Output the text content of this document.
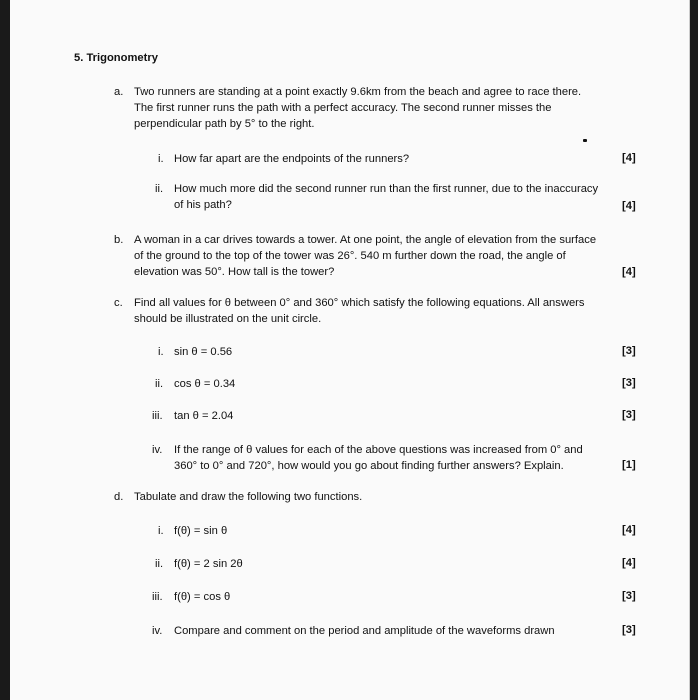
5. Trigonometry
a. Two runners are standing at a point exactly 9.6km from the beach and agree to race there.
The first runner runs the path with a perfect accuracy. The second runner misses the
perpendicular path by 5° to the right.
i. How far apart are the endpoints of the runners?	[4]
ii. How much more did the second runner run than the first runner, due to the inaccuracy
of his path?	[4]
b. A woman in a car drives towards a tower. At one point, the angle of elevation from the surface
of the ground to the top of the tower was 26°. 540 m further down the road, the angle of
elevation was 50°. How tall is the tower?	[4]
c. Find all values for θ between 0° and 360° which satisfy the following equations. All answers
should be illustrated on the unit circle.
i. sin θ = 0.56	[3]
ii. cos θ = 0.34	[3]
iii. tan θ = 2.04	[3]
iv. If the range of θ values for each of the above questions was increased from 0° and
360° to 0° and 720°, how would you go about finding further answers? Explain.	[1]
d. Tabulate and draw the following two functions.
i. f(θ) = sin θ	[4]
ii. f(θ) = 2 sin 2θ	[4]
iii. f(θ) = cos θ	[3]
iv. Compare and comment on the period and amplitude of the waveforms drawn	[3]
